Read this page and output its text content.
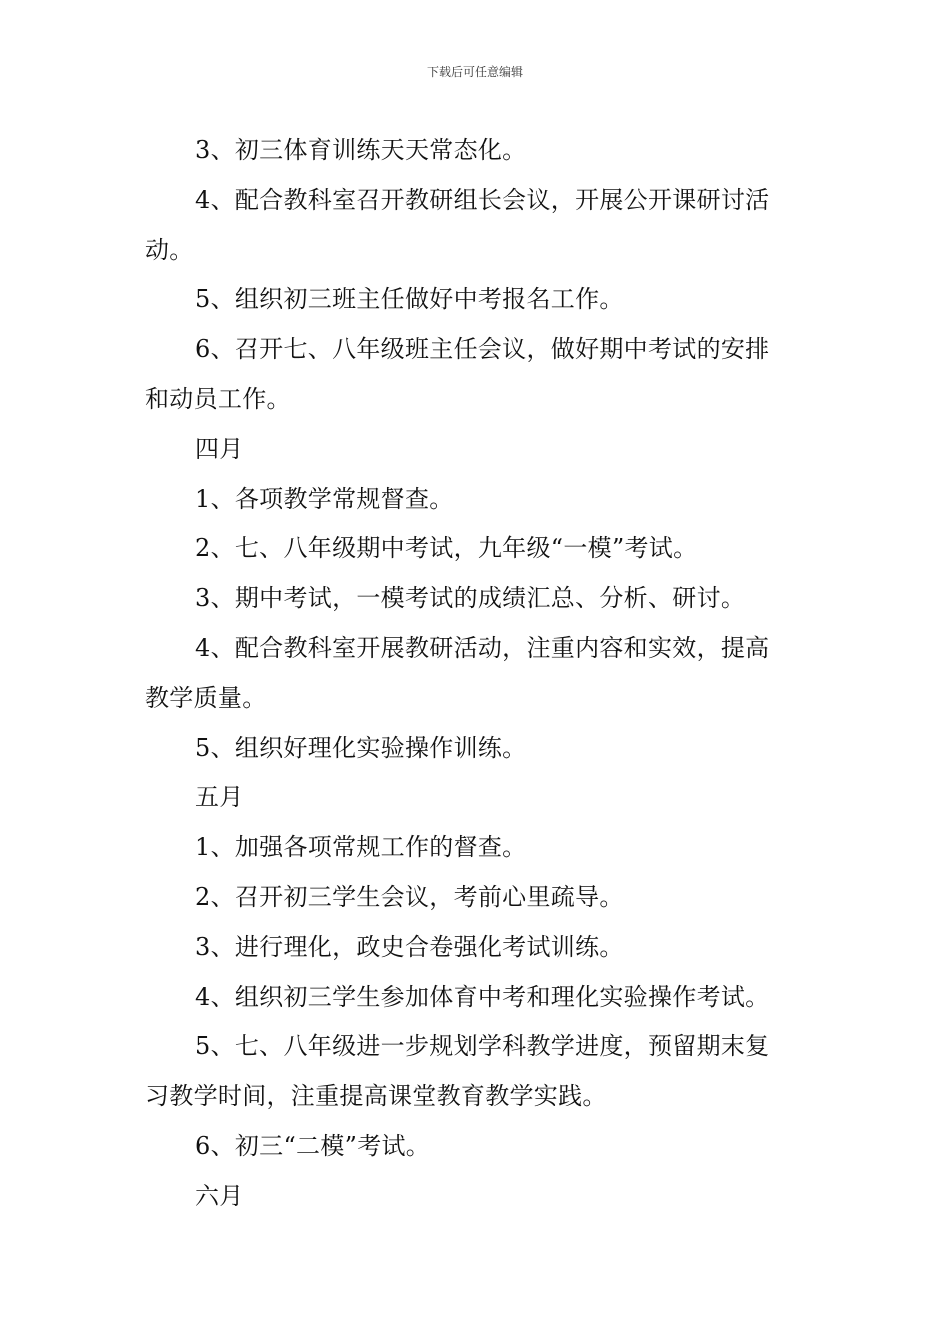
下载后可任意编辑
3、初三体育训练天天常态化。
4、配合教科室召开教研组长会议，开展公开课研讨活
动。
5、组织初三班主任做好中考报名工作。
6、召开七、八年级班主任会议，做好期中考试的安排
和动员工作。
四月
1、各项教学常规督查。
2、七、八年级期中考试，九年级“一模”考试。
3、期中考试，一模考试的成绩汇总、分析、研讨。
4、配合教科室开展教研活动，注重内容和实效，提高
教学质量。
5、组织好理化实验操作训练。
五月
1、加强各项常规工作的督查。
2、召开初三学生会议，考前心里疏导。
3、进行理化，政史合卷强化考试训练。
4、组织初三学生参加体育中考和理化实验操作考试。
5、七、八年级进一步规划学科教学进度，预留期末复
习教学时间，注重提高课堂教育教学实践。
6、初三“二模”考试。
六月
